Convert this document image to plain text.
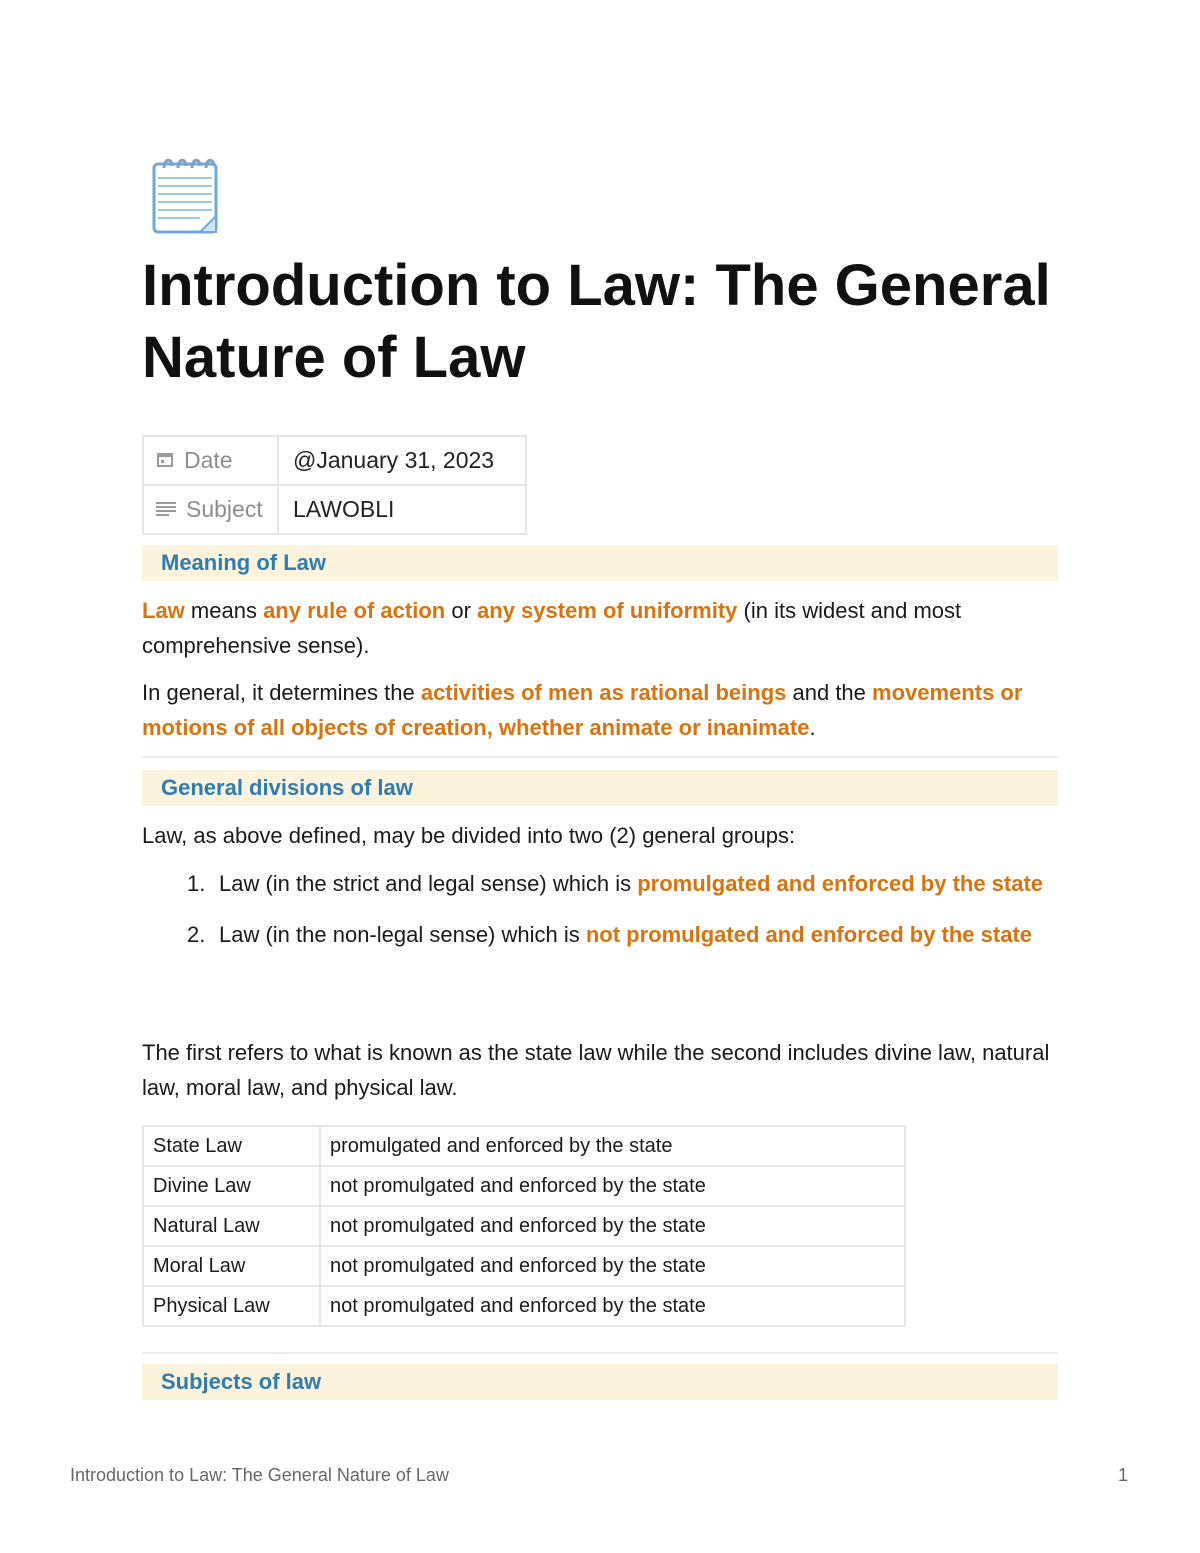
Introduction to Law: The General Nature of Law
Date	@January 31, 2023

Subject	LAWOBLI
Meaning of Law

Law means any rule of action or any system of uniformity (in its widest and most comprehensive sense).

In general, it determines the activities of men as rational beings and the movements or motions of all objects of creation, whether animate or inanimate.

General divisions of law

Law, as above defined, may be divided into two (2) general groups:

1. Law (in the strict and legal sense) which is promulgated and enforced by the state
2. Law (in the non-legal sense) which is not promulgated and enforced by the state

The first refers to what is known as the state law while the second includes divine law, natural law, moral law, and physical law.

State Law	promulgated and enforced by the state
Divine Law	not promulgated and enforced by the state
Natural Law	not promulgated and enforced by the state
Moral Law	not promulgated and enforced by the state
Physical Law	not promulgated and enforced by the state
Subjects of law
Introduction to Law: The General Nature of Law	1
